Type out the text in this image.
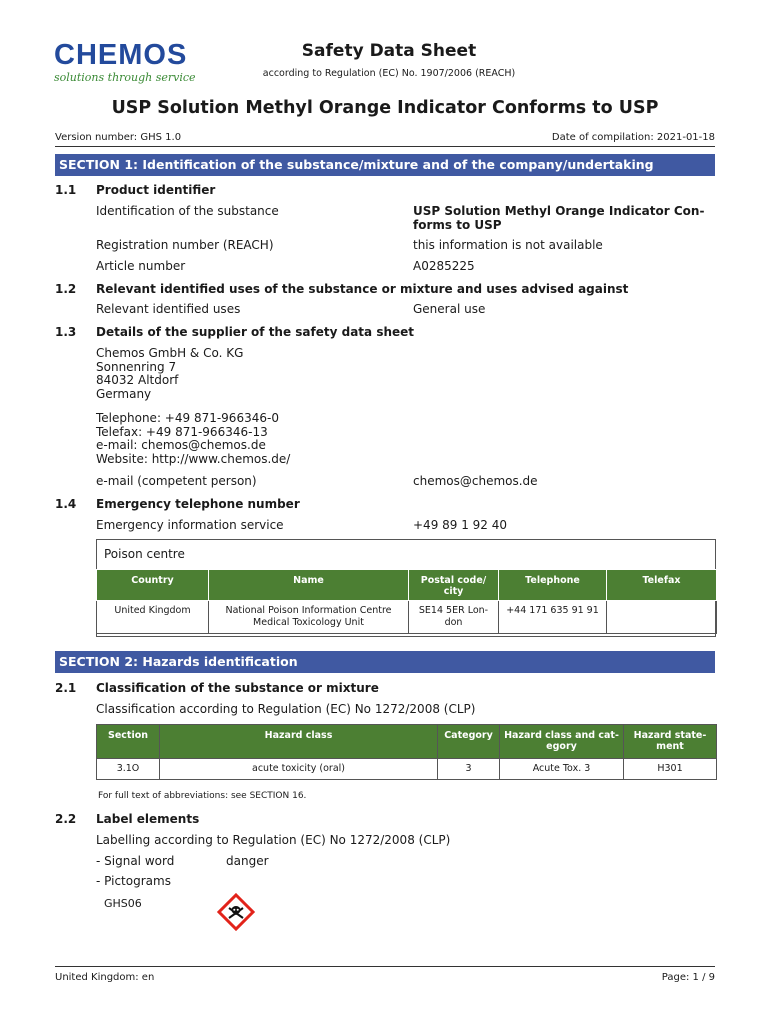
CHEMOS
solutions through service
Safety Data Sheet
according to Regulation (EC) No. 1907/2006 (REACH)
USP Solution Methyl Orange Indicator Conforms to USP
Version number: GHS 1.0	Date of compilation: 2021-01-18
SECTION 1: Identification of the substance/mixture and of the company/undertaking
1.1 Product identifier
Identification of the substance	USP Solution Methyl Orange Indicator Con-
forms to USP
Registration number (REACH)	this information is not available
Article number	A0285225
1.2 Relevant identified uses of the substance or mixture and uses advised against
Relevant identified uses	General use
1.3 Details of the supplier of the safety data sheet
Chemos GmbH & Co. KG
Sonnenring 7
84032 Altdorf
Germany
Telephone: +49 871-966346-0
Telefax: +49 871-966346-13
e-mail: chemos@chemos.de
Website: http://www.chemos.de/
e-mail (competent person)	chemos@chemos.de
1.4 Emergency telephone number
Emergency information service	+49 89 1 92 40
Poison centre
Country	Name	Postal code/ city	Telephone	Telefax
United Kingdom	National Poison Information Centre Medical Toxicology Unit	SE14 5ER Lon- don	+44 171 635 91 91	
SECTION 2: Hazards identification
2.1 Classification of the substance or mixture
Classification according to Regulation (EC) No 1272/2008 (CLP)
Section	Hazard class	Category	Hazard class and cat- egory	Hazard state- ment
3.1O	acute toxicity (oral)	3	Acute Tox. 3	H301
For full text of abbreviations: see SECTION 16.
2.2 Label elements
Labelling according to Regulation (EC) No 1272/2008 (CLP)
- Signal word	danger
- Pictograms
GHS06
United Kingdom: en	Page: 1 / 9
